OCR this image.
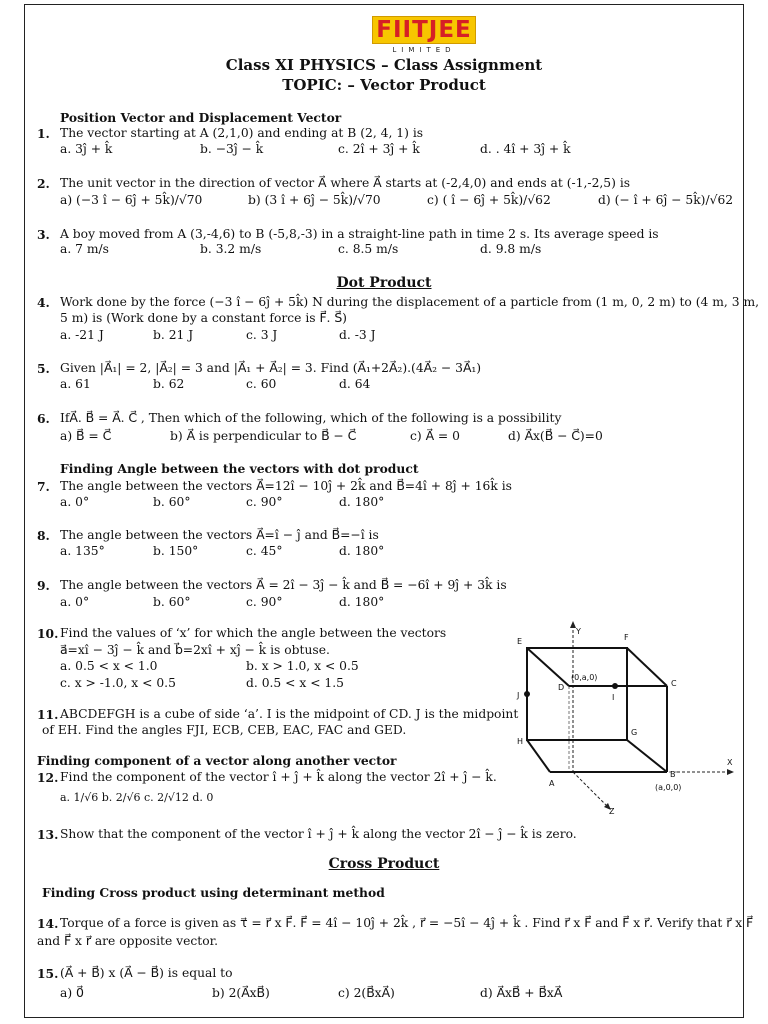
FIITJEE
LIMITED
Class XI PHYSICS – Class Assignment
TOPIC: – Vector Product
Position Vector and Displacement Vector
1. The vector starting at A (2,1,0) and ending at B (2, 4, 1) is
a. 3ĵ + k̂	b. −3ĵ − k̂	c. 2î + 3ĵ + k̂	d. . 4î + 3ĵ + k̂
2. The unit vector in the direction of vector A⃗ where A⃗ starts at (-2,4,0) and ends at (-1,-2,5) is
a) (−3 î − 6ĵ + 5k̂)/√70	b) (3 î + 6ĵ − 5k̂)/√70	c) ( î − 6ĵ + 5k̂)/√62	d) (− î + 6ĵ − 5k̂)/√62
3. A boy moved from A (3,-4,6) to B (-5,8,-3) in a straight-line path in time 2 s. Its average speed is
a. 7 m/s	b. 3.2 m/s	c. 8.5 m/s	d. 9.8 m/s
Dot Product
4. Work done by the force (−3 î − 6ĵ + 5k̂) N during the displacement of a particle from (1 m, 0, 2 m) to (4 m, 3 m,
5 m) is (Work done by a constant force is F⃗. S⃗)
a. -21 J	b. 21 J	c. 3 J	d. -3 J
5. Given |A⃗₁| = 2, |A⃗₂| = 3 and |A⃗₁ + A⃗₂| = 3. Find (A⃗₁+2A⃗₂).(4A⃗₂ − 3A⃗₁)
a. 61	b. 62	c. 60	d. 64
6. IfA⃗. B⃗ = A⃗. C⃗ , Then which of the following, which of the following is a possibility
a) B⃗ = C⃗	b) A⃗ is perpendicular to B⃗ − C⃗	c) A⃗ = 0	d) A⃗x(B⃗ − C⃗)=0
Finding Angle between the vectors with dot product
7. The angle between the vectors A⃗=12î − 10ĵ + 2k̂ and B⃗=4î + 8ĵ + 16k̂ is
a. 0°	b. 60°	c. 90°	d. 180°
8. The angle between the vectors A⃗=î − ĵ and B⃗=−î is
a. 135°	b. 150°	c. 45°	d. 180°
9. The angle between the vectors A⃗ = 2î − 3ĵ − k̂ and B⃗ = −6î + 9ĵ + 3k̂ is
a. 0°	b. 60°	c. 90°	d. 180°
10. Find the values of ‘x’ for which the angle between the vectors
a⃗=xî − 3ĵ − k̂ and b⃗=2xî + xĵ − k̂ is obtuse.
a. 0.5 < x < 1.0	b. x > 1.0, x < 0.5
c. x > -1.0, x < 0.5	d. 0.5 < x < 1.5
11. ABCDEFGH is a cube of side ‘a’. I is the midpoint of CD. J is the midpoint
of EH. Find the angles FJI, ECB, CEB, EAC, FAC and GED.
Finding component of a vector along another vector
12. Find the component of the vector î + ĵ + k̂ along the vector 2î + ĵ − k̂.
a. 1/√6 b. 2/√6 c. 2/√12 d. 0
13. Show that the component of the vector î + ĵ + k̂ along the vector 2î − ĵ − k̂ is zero.
Cross Product
Finding Cross product using determinant method
14. Torque of a force is given as τ⃗ = r⃗ x F⃗. F⃗ = 4î − 10ĵ + 2k̂ , r⃗ = −5î − 4ĵ + k̂ . Find r⃗ x F⃗ and F⃗ x r⃗. Verify that r⃗ x F⃗
and F⃗ x r⃗ are opposite vector.
15. (A⃗ + B⃗) x (A⃗ − B⃗) is equal to
a) 0⃗	b) 2(A⃗xB⃗)	c) 2(B⃗xA⃗)	d) A⃗xB⃗ + B⃗xA⃗
E	F
Y
D
(0,a,0)
I
C
J
G
H
A
B
(a,0,0)
X
Z
